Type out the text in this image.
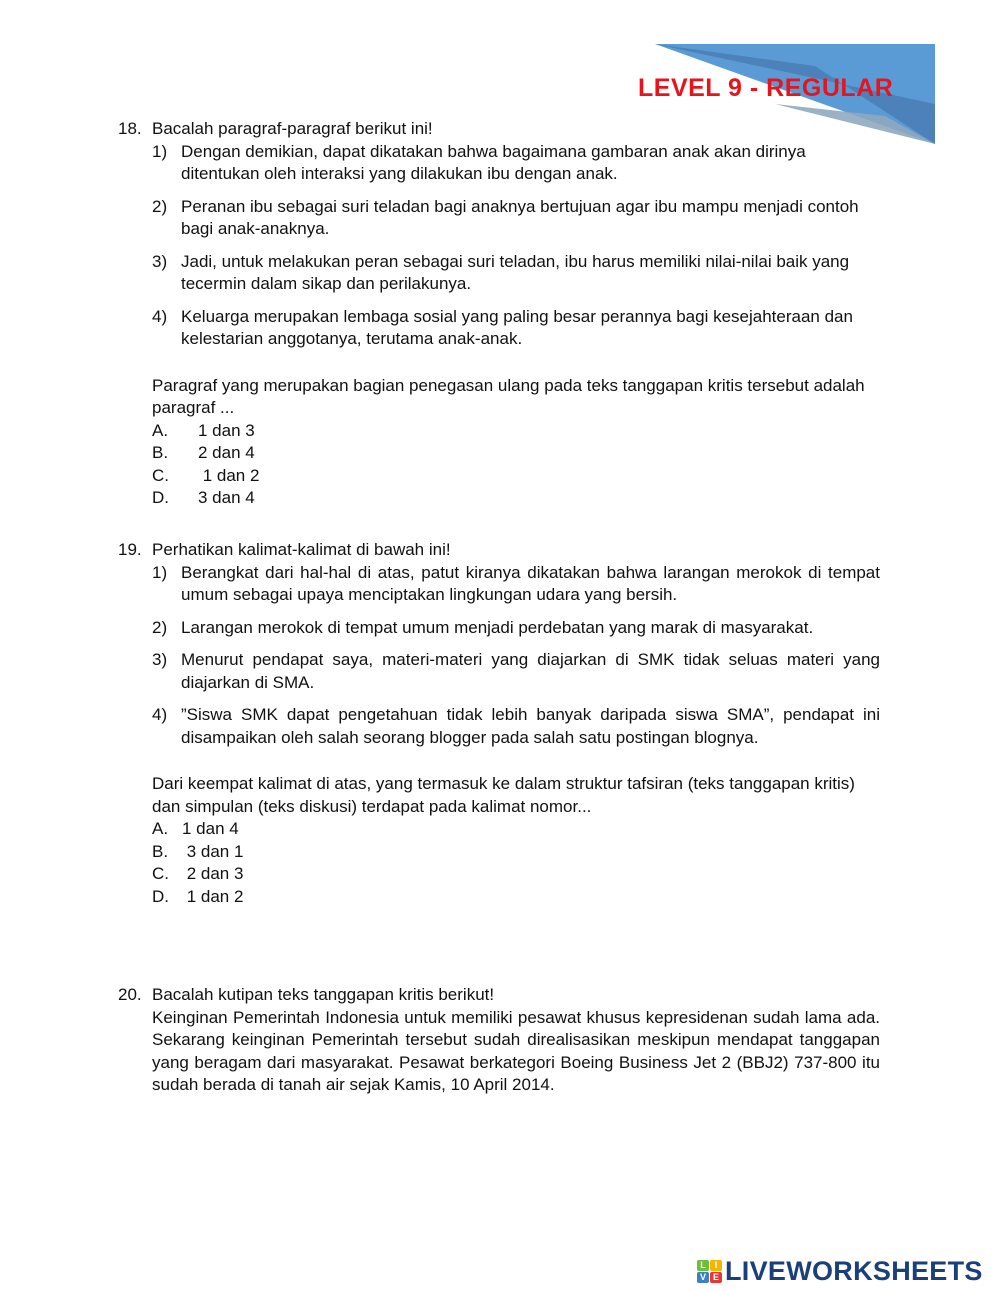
LEVEL 9 - REGULAR
18. Bacalah paragraf-paragraf berikut ini!
1) Dengan demikian, dapat dikatakan bahwa bagaimana gambaran anak akan dirinya ditentukan oleh interaksi yang dilakukan ibu dengan anak.
2) Peranan ibu sebagai suri teladan bagi anaknya bertujuan agar ibu mampu menjadi contoh bagi anak-anaknya.
3) Jadi, untuk melakukan peran sebagai suri teladan, ibu harus memiliki nilai-nilai baik yang tecermin dalam sikap dan perilakunya.
4) Keluarga merupakan lembaga sosial yang paling besar perannya bagi kesejahteraan dan kelestarian anggotanya, terutama anak-anak.
Paragraf yang merupakan bagian penegasan ulang pada teks tanggapan kritis tersebut adalah paragraf ...
A.	1 dan 3
B.	2 dan 4
C.	1 dan 2
D.	3 dan 4
19. Perhatikan kalimat-kalimat di bawah ini!
1) Berangkat dari hal-hal di atas, patut kiranya dikatakan bahwa larangan merokok di tempat umum sebagai upaya menciptakan lingkungan udara yang bersih.
2) Larangan merokok di tempat umum menjadi perdebatan yang marak di masyarakat.
3) Menurut pendapat saya, materi-materi yang diajarkan di SMK tidak seluas materi yang diajarkan di SMA.
4) ”Siswa SMK dapat pengetahuan tidak lebih banyak daripada siswa SMA”, pendapat ini disampaikan oleh salah seorang blogger pada salah satu postingan blognya.
Dari keempat kalimat di atas, yang termasuk ke dalam struktur tafsiran (teks tanggapan kritis) dan simpulan (teks diskusi) terdapat pada kalimat nomor...
A. 1 dan 4
B. 3 dan 1
C. 2 dan 3
D. 1 dan 2
20. Bacalah kutipan teks tanggapan kritis berikut!
Keinginan Pemerintah Indonesia untuk memiliki pesawat khusus kepresidenan sudah lama ada. Sekarang keinginan Pemerintah tersebut sudah direalisasikan meskipun mendapat tanggapan yang beragam dari masyarakat. Pesawat berkategori Boeing Business Jet 2 (BBJ2) 737-800 itu sudah berada di tanah air sejak Kamis, 10 April 2014.
L I
V E LIVEWORKSHEETS
